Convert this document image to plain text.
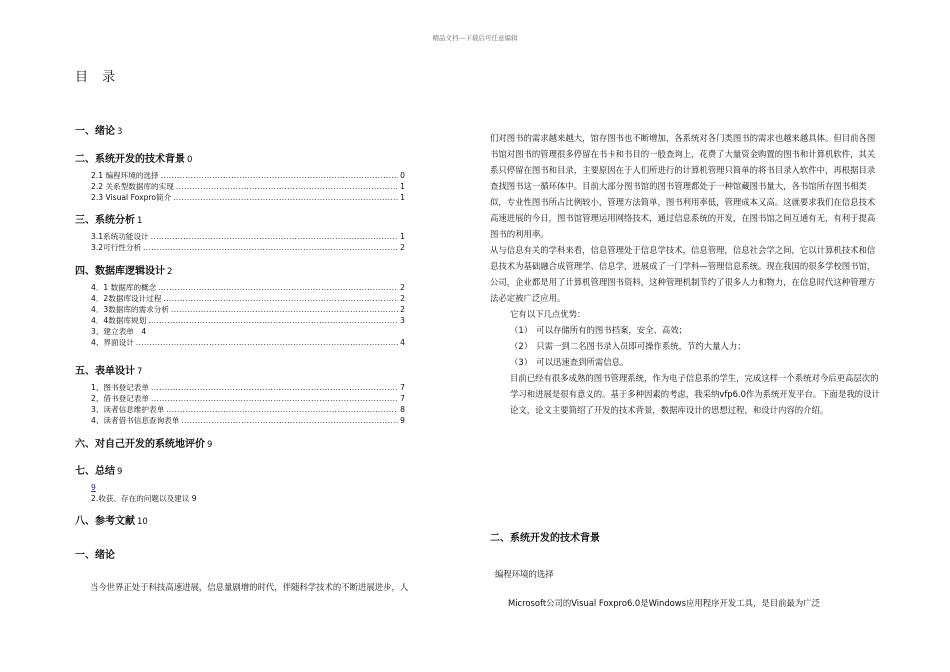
精品文档---下载后可任意编辑
目 录
一、绪论 3
二、系统开发的技术背景 0
2.1 编程环境的选择 .....	0
2.2 关系型数据库的实现 .....	1
2.3 Visual Foxpro简介 .....	1
三、系统分析 1
3.1系统功能设计 .....	1
3.2可行性分析 .....	2
四、数据库逻辑设计 2
4．1 数据库的概念 .....	2
4．2数据库设计过程 .....	2
4．3数据库的需求分析 .....	2
4．4数据库规划 .....	3
3、建立表单　4
4、界面设计 .....	4
五、表单设计 7
1、图书登记表单 .....	7
2、借书登记表单 .....	7
3、读者信息维护表单 .....	8
4、读者借书信息查询表单 .....	9
六、对自己开发的系统地评价 9
七、总结 9
9
2.收获、存在的问题以及建议 9
八、参考文献 10
一、绪论
当今世界正处于科技高速进展，信息量剧增的时代，伴随科学技术的不断进展进步，人

们对图书的需求越来越大，馆存图书也不断增加，各系统对各门类图书的需求也越来越具体。但目前各图书馆对图书的管理很多停留在书卡和书目的一般查询上，花费了大量资金购置的图书和计算机软件，其关系只停留在图书和目录，主要原因在于人们所进行的计算机管理只简单的将书目录入软件中，再根据目录查找图书这一循环体中。目前大部分图书馆的图书管理都处于一种馆藏图书量大，各书馆所存图书相类似，专业性图书所占比例较小，管理方法简单，图书利用率低，管理成本又高。这就要求我们在信息技术高速进展的今日，图书馆管理运用网络技术，通过信息系统的开发，在图书馆之间互通有无，有利于提高图书的利用率。

从与信息有关的学科来看，信息管理处于信息学技术，信息管理，信息社会学之间，它以计算机技术和信息技术为基础融合成管理学、信息学，进展成了一门学科—管理信息系统。现在我国的很多学校图书馆，公司，企业都是用了计算机管理图书资料，这种管理机制节约了很多人力和物力，在信息时代这种管理方法必定被广泛应用。

它有以下几点优势：

（1）　可以存储所有的图书档案，安全、高效；

（2）　只需一到二名图书录入员即可操作系统，节约大量人力；

（3）　可以迅速查到所需信息。

目前已经有很多成熟的图书管理系统，作为电子信息系的学生，完成这样一个系统对今后更高层次的学习和进展是很有意义的。基于多种因素的考虑，我采纳vfp6.0作为系统开发平台。下面是我的设计论文，论文主要简绍了开发的技术背景，数据库设计的思想过程，和设计内容的介绍。

二、系统开发的技术背景
编程环境的选择
Microsoft公司的Visual Foxpro6.0是Windows应用程序开发工具，是目前最为广泛
